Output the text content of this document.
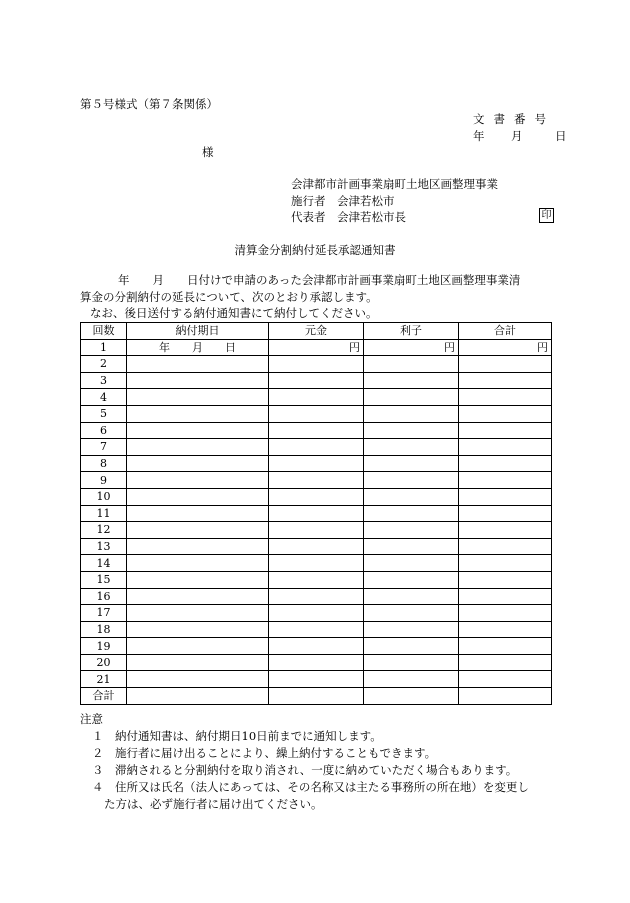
第５号様式（第７条関係）
文書番号
年 月	日
様
会津都市計画事業扇町土地区画整理事業
施行者　会津若松市
代表者　会津若松市長	印
清算金分割納付延長承認通知書

年　　月　　日付けで申請のあった会津都市計画事業扇町土地区画整理事業清

算金の分割納付の延長について、次のとおり承認します。

なお、後日送付する納付通知書にて納付してください。

回数	納付期日	元金	利子	合計
1	年　　月　　日	円	円	円
2				
3				
4				
5				
6				
7				
8				
9				
10				
11				
12				
13				
14				
15				
16				
17				
18				
19				
20				
21				
合計				
注意
１　納付通知書は、納付期日10日前までに通知します。
２　施行者に届け出ることにより、繰上納付することもできます。
３　滞納されると分割納付を取り消され、一度に納めていただく場合もあります。
４　住所又は氏名（法人にあっては、その名称又は主たる事務所の所在地）を変更し
た方は、必ず施行者に届け出てください。
